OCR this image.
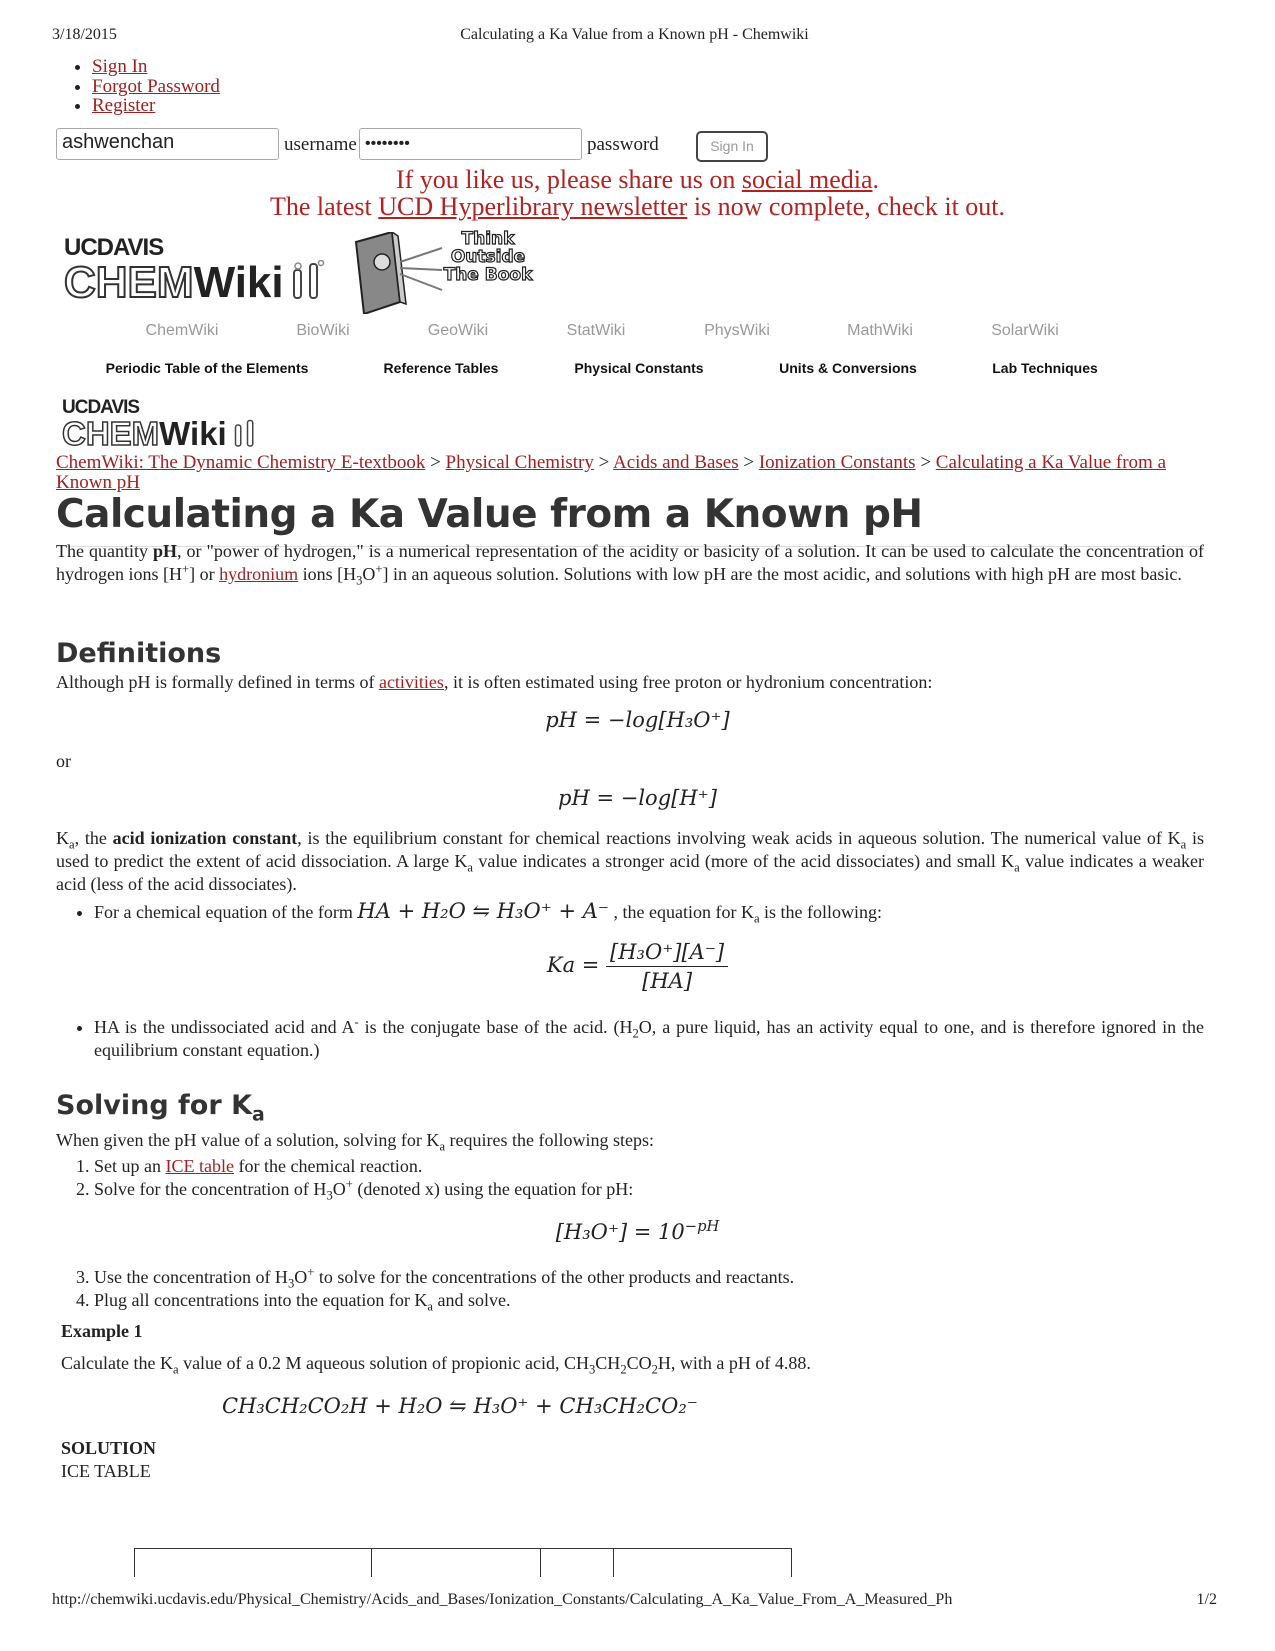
3/18/2015	Calculating a Ka Value from a Known pH - Chemwiki
• Sign In
• Forgot Password
• Register
ashwenchan	username ••••••••	password	Sign In
If you like us, please share us on social media.
The latest UCD Hyperlibrary newsletter is now complete, check it out.
UCDAVIS
CHEMWiki
Think
Outside
The Book
ChemWiki	BioWiki	GeoWiki	StatWiki	PhysWiki	MathWiki	SolarWiki
Periodic Table of the Elements	Reference Tables	Physical Constants	Units & Conversions	Lab Techniques
UCDAVIS
CHEMWiki
ChemWiki: The Dynamic Chemistry E-textbook > Physical Chemistry > Acids and Bases > Ionization Constants > Calculating a Ka Value from a Known pH
Calculating a Ka Value from a Known pH
The quantity pH, or "power of hydrogen," is a numerical representation of the acidity or basicity of a solution. It can be used to calculate the concentration of hydrogen ions [H+] or hydronium ions $[H_3O^+]$ in an aqueous solution. Solutions with low pH are the most acidic, and solutions with high pH are most basic.
Definitions
Although pH is formally defined in terms of activities, it is often estimated using free proton or hydronium concentration:
pH = −log[H₃O⁺]
or
pH = −log[H⁺]
$K_a$, the acid ionization constant, is the equilibrium constant for chemical reactions involving weak acids in aqueous solution. The numerical value of $K_a$ is used to predict the extent of acid dissociation. A large $K_a$ value indicates a stronger acid (more of the acid dissociates) and small $K_a$ value indicates a weaker acid (less of the acid dissociates).
• For a chemical equation of the form HA + H₂O ⇋ H₃O⁺ + A⁻ , the equation for $K_a$ is the following:
$Ka = \frac{\text{[H₃O⁺][A⁻]}}{[HA]}$
• HA is the undissociated acid and A- is the conjugate base of the acid. ($H_2O$, a pure liquid, has an activity equal to one, and is therefore ignored in the equilibrium constant equation.)
Solving for $K_a$
When given the pH value of a solution, solving for $K_a$ requires the following steps:
1. Set up an ICE table for the chemical reaction.
2. Solve for the concentration of $H_3O^+$ (denoted x) using the equation for pH:
$[H_3O^+] = 10^{-pH}$
3. Use the concentration of $H_3O^+$ to solve for the concentrations of the other products and reactants.
4. Plug all concentrations into the equation for $K_a$ and solve.
Example 1
Calculate the $K_a$ value of a 0.2 M aqueous solution of propionic acid, $CH_3CH_2CO_2H$, with a pH of 4.88.
CH₃CH₂CO₂H + H₂O ⇋ H₃O⁺ + CH₃CH₂CO₂⁻
SOLUTION
ICE TABLE
http://chemwiki.ucdavis.edu/Physical_Chemistry/Acids_and_Bases/Ionization_Constants/Calculating_A_Ka_Value_From_A_Measured_Ph	1/2
